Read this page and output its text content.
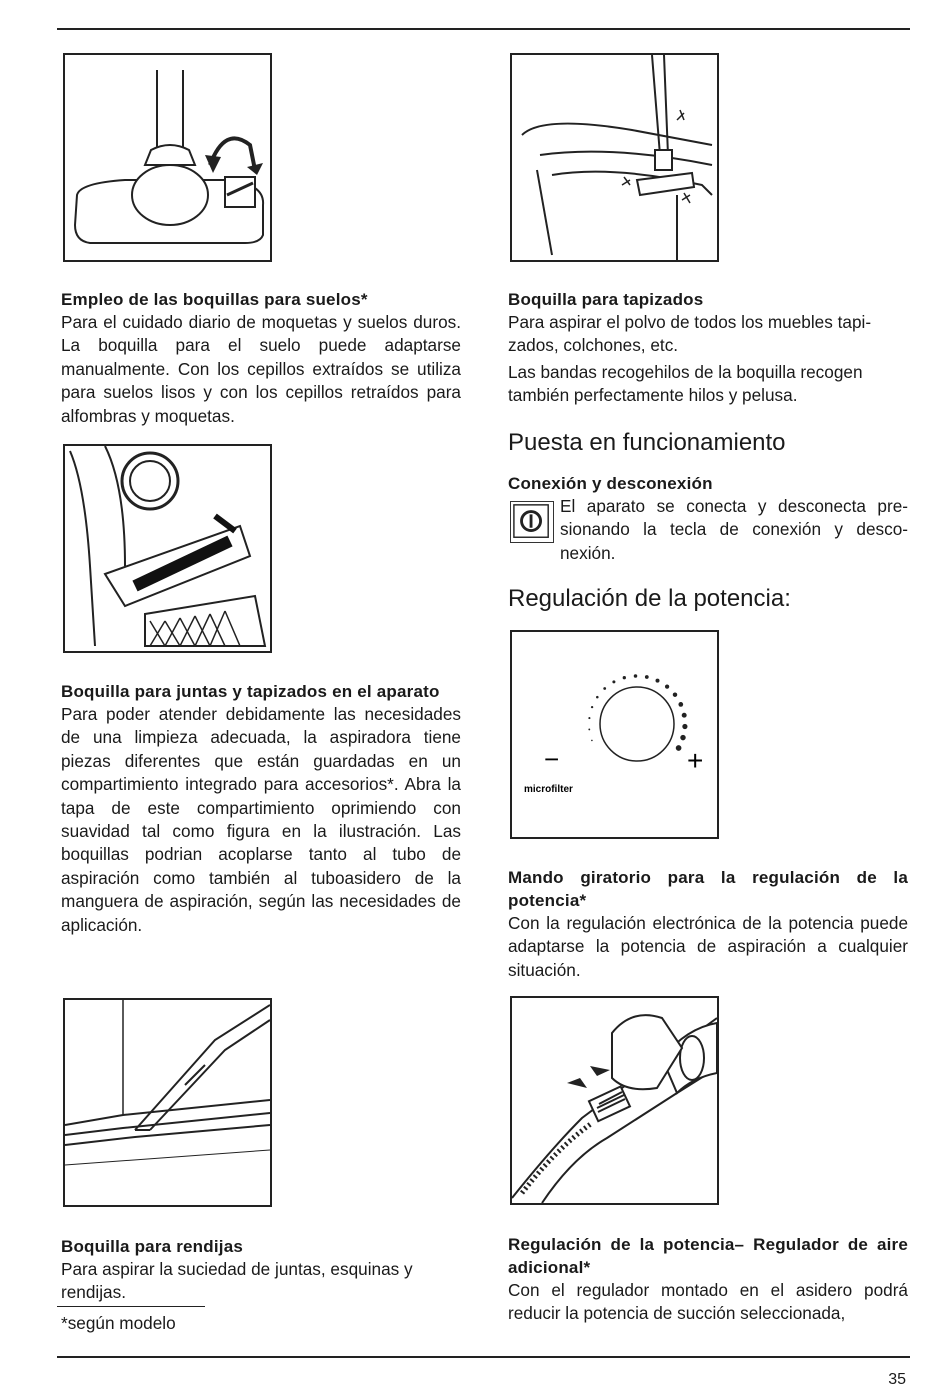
Empleo de las boquillas para suelos*

Para el cuidado diario de moquetas y suelos duros. La boquilla para el suelo puede adaptarse manualmente. Con los cepillos extraídos se utiliza para suelos lisos y con los cepillos retraídos para alfombras y moquetas.

Boquilla para juntas y tapizados en el aparato

Para poder atender debidamente las necesidades de una limpieza adecuada, la aspiradora tiene piezas diferentes que están guardadas en un compartimiento integrado para accesorios*. Abra la tapa de este compartimiento oprimiendo con suavidad tal como figura en la ilustración. Las boquillas podrian acoplarse tanto al tubo de aspiración como también al tuboasidero de la manguera de aspiración, según las necesidades de aplicación.

Boquilla para rendijas

Para aspirar la suciedad de juntas, esquinas y rendijas.

*según modelo

Boquilla para tapizados

Para aspirar el polvo de todos los muebles tapi-zados, colchones, etc.

Las bandas recogehilos de la boquilla recogen también perfectamente hilos y pelusa.

Puesta en funcionamiento

Conexión y desconexión

El aparato se conecta y desconecta pre-sionando la tecla de conexión y desco-nexión.

Regulación de la potencia:

−	+
microfilter

Mando giratorio para la regulación de la potencia*

Con la regulación electrónica de la potencia puede adaptarse la potencia de aspiración a cualquier situación.

Regulación de la potencia– Regulador de aire adicional*

Con el regulador montado en el asidero podrá reducir la potencia de succión seleccionada,

35
